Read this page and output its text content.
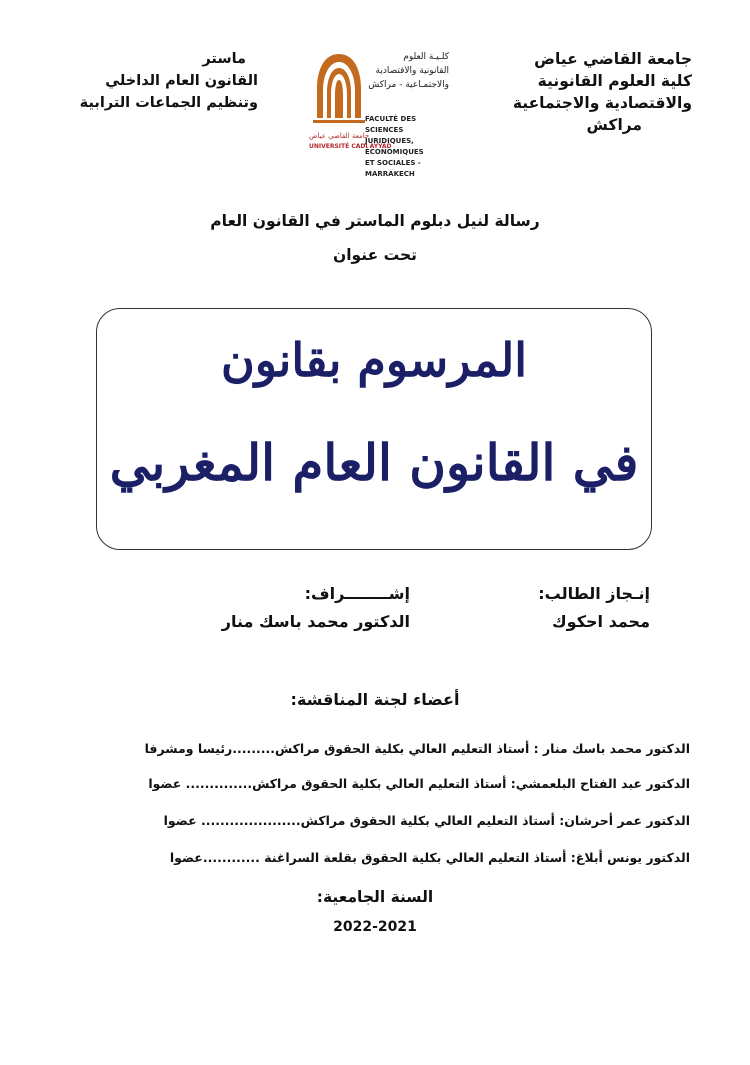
جامعة القاضي عياض
كلية العلوم القانونية
والاقتصادية والاجتماعية
مراكش
ماستر
القانون العام الداخلي
وتنظيم الجماعات الترابية
كلـيـة العلوم
القانونية والاقتصادية
والاجتمـاعية - مراكش
FACULTÉ DES SCIENCES
JURIDIQUES, ÉCONOMIQUES
ET SOCIALES - MARRAKECH
جامعة القاضي عياض
UNIVERSITÉ CADI AYYAD
رسالة لنيل دبلوم الماستر في القانون العام
تحت عنوان
المرسوم بقانون
في القانون العام المغربي
إنـجاز الطالب:
محمد احكوك
إشــــــــراف:
الدكتور محمد باسك منار
أعضاء لجنة المناقشة:
الدكتور محمد باسك منار : أستاذ التعليم العالي بكلية الحقوق مراكش.........رئيسا ومشرفا
الدكتور عبد الفتاح البلعمشي: أستاذ التعليم العالي بكلية الحقوق مراكش.............. عضوا
الدكتور عمر أحرشان: أستاذ التعليم العالي بكلية الحقوق مراكش..................... عضوا
الدكتور يونس أبلاغ: أستاذ التعليم العالي بكلية الحقوق بقلعة السراغنة ............عضوا
السنة الجامعية:
2022-2021
